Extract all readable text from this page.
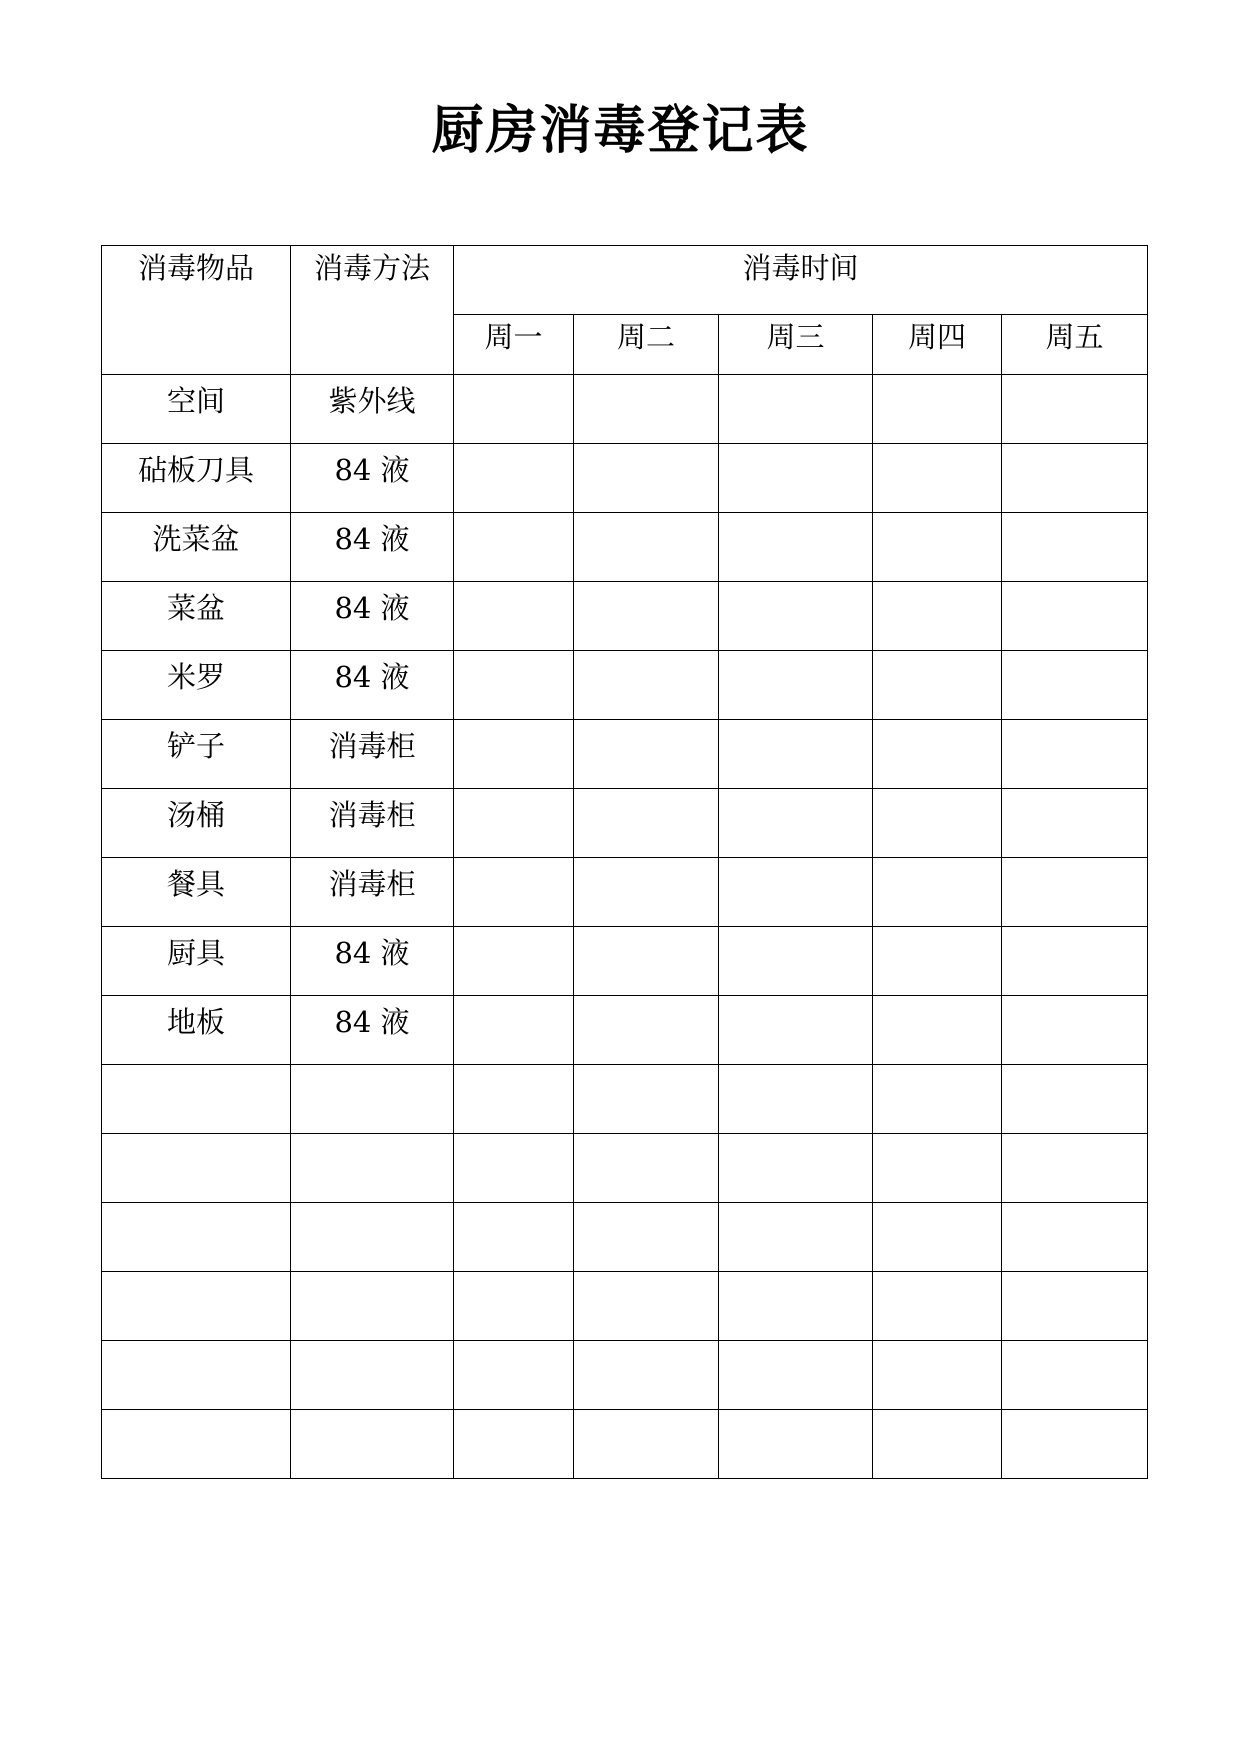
厨房消毒登记表
消毒物品	消毒方法	消毒时间				
		周一	周二	周三	周四	周五

空间	紫外线					

砧板刀具	84 液					

洗菜盆	84 液					

菜盆	84 液					

米罗	84 液					

铲子	消毒柜					

汤桶	消毒柜					

餐具	消毒柜					

厨具	84 液					

地板	84 液					
